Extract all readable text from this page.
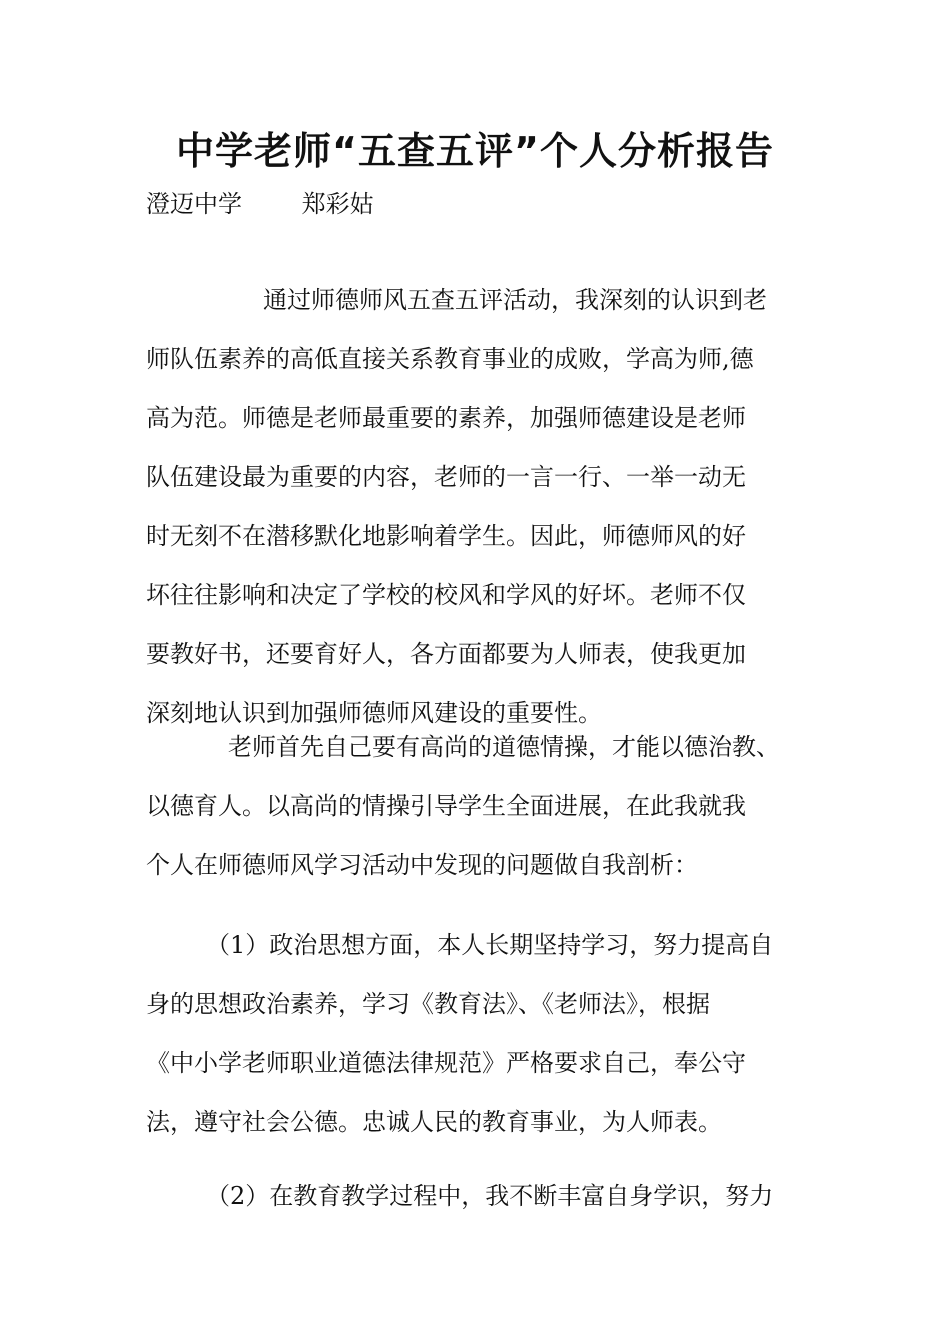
中学老师“五查五评”个人分析报告
澄迈中学 郑彩姑
通过师德师风五查五评活动，我深刻的认识到老
师队伍素养的高低直接关系教育事业的成败，学高为师,德
高为范。师德是老师最重要的素养，加强师德建设是老师
队伍建设最为重要的内容，老师的一言一行、一举一动无
时无刻不在潜移默化地影响着学生。因此，师德师风的好
坏往往影响和决定了学校的校风和学风的好坏。老师不仅
要教好书，还要育好人，各方面都要为人师表，使我更加
深刻地认识到加强师德师风建设的重要性。
老师首先自己要有高尚的道德情操，才能以德治教、
以德育人。以高尚的情操引导学生全面进展，在此我就我
个人在师德师风学习活动中发现的问题做自我剖析：
（1）政治思想方面，本人长期坚持学习，努力提高自
身的思想政治素养，学习《教育法》、《老师法》，根据
《中小学老师职业道德法律规范》严格要求自己，奉公守
法，遵守社会公德。忠诚人民的教育事业，为人师表。
（2）在教育教学过程中，我不断丰富自身学识，努力
